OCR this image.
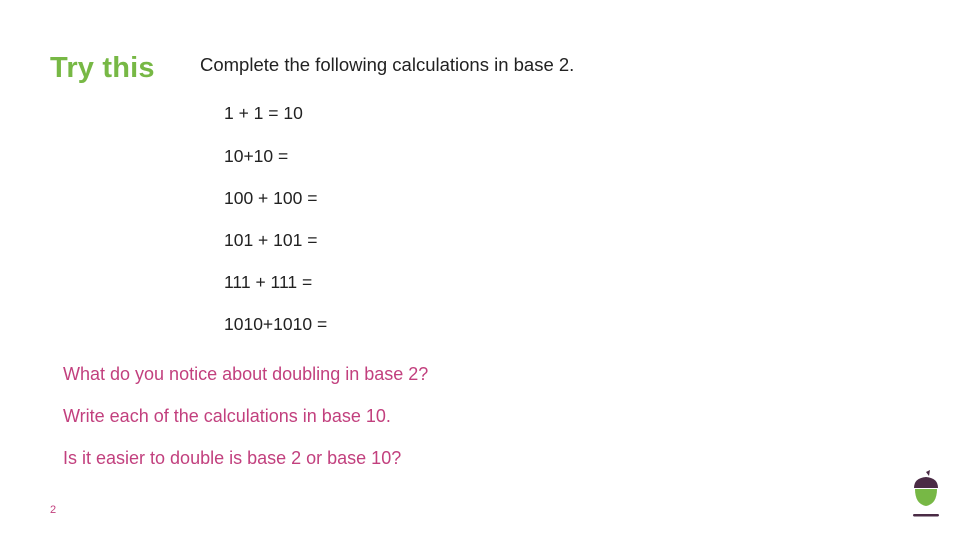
Try this Complete the following calculations in base 2.
1 + 1 = 10
10+10 =
100 + 100 =
101 + 101 =
111 + 111 =
1010+1010 =
What do you notice about doubling in base 2?
Write each of the calculations in base 10.
Is it easier to double is base 2 or base 10?
2
